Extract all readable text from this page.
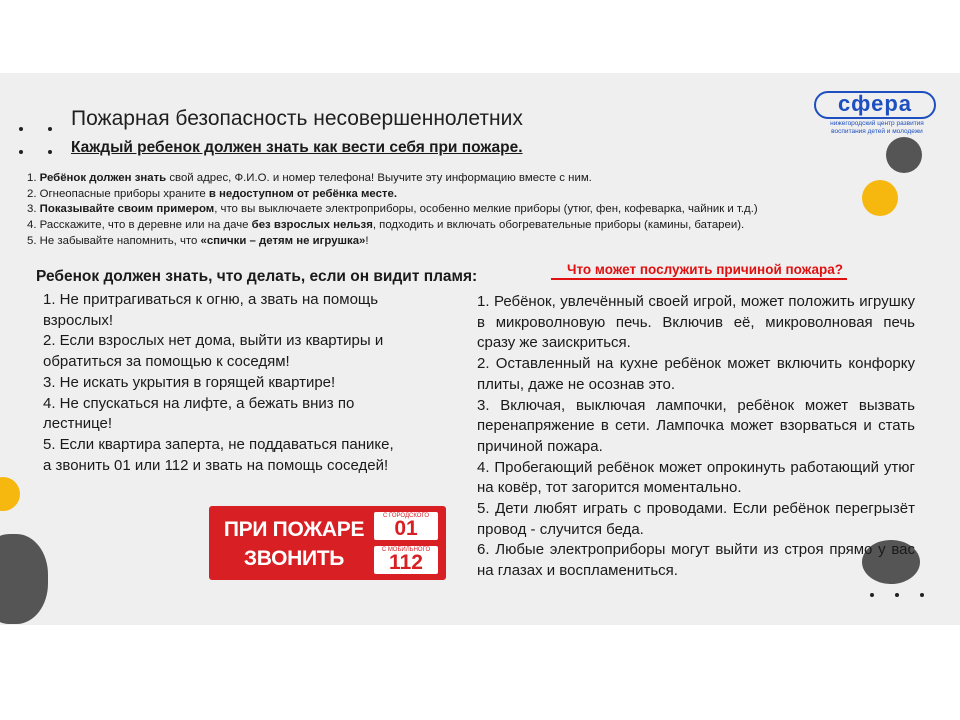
Пожарная безопасность несовершеннолетних
Каждый ребенок должен знать как вести себя при пожаре.
сфера
нижегородский центр развития воспитания детей и молодежи
1. Ребёнок должен знать свой адрес, Ф.И.О. и номер телефона! Выучите эту информацию вместе с ним.
2. Огнеопасные приборы храните в недоступном от ребёнка месте.
3. Показывайте своим примером, что вы выключаете электроприборы, особенно мелкие приборы (утюг, фен, кофеварка, чайник и т.д.)
4. Расскажите, что в деревне или на даче без взрослых нельзя, подходить и включать обогревательные приборы (камины, батареи).
5. Не забывайте напомнить, что «спички – детям не игрушка»!
Ребенок должен знать, что делать, если он видит пламя:	Что может послужить причиной пожара?

1. Не притрагиваться к огню, а звать на помощь взрослых!

2. Если взрослых нет дома, выйти из квартиры и обратиться за помощью к соседям!

3. Не искать укрытия в горящей квартире!

4. Не спускаться на лифте, а бежать вниз по лестнице!

5. Если квартира заперта, не поддаваться панике, а звонить 01 или 112 и звать на помощь соседей!

1. Ребёнок, увлечённый своей игрой, может положить игрушку в микроволновую печь. Включив её, микроволновая печь сразу же заискриться.

2. Оставленный на кухне ребёнок может включить конфорку плиты, даже не осознав это.

3. Включая, выключая лампочки, ребёнок может вызвать перенапряжение в сети. Лампочка может взорваться и стать причиной пожара.

4. Пробегающий ребёнок может опрокинуть работающий утюг на ковёр, тот загорится моментально.

5. Дети любят играть с проводами. Если ребёнок перегрызёт провод - случится беда.

6. Любые электроприборы могут выйти из строя прямо у вас на глазах и воспламениться.

ПРИ ПОЖАРЕ ЗВОНИТЬ
С ГОРОДСКОГО
01
С МОБИЛЬНОГО
112
